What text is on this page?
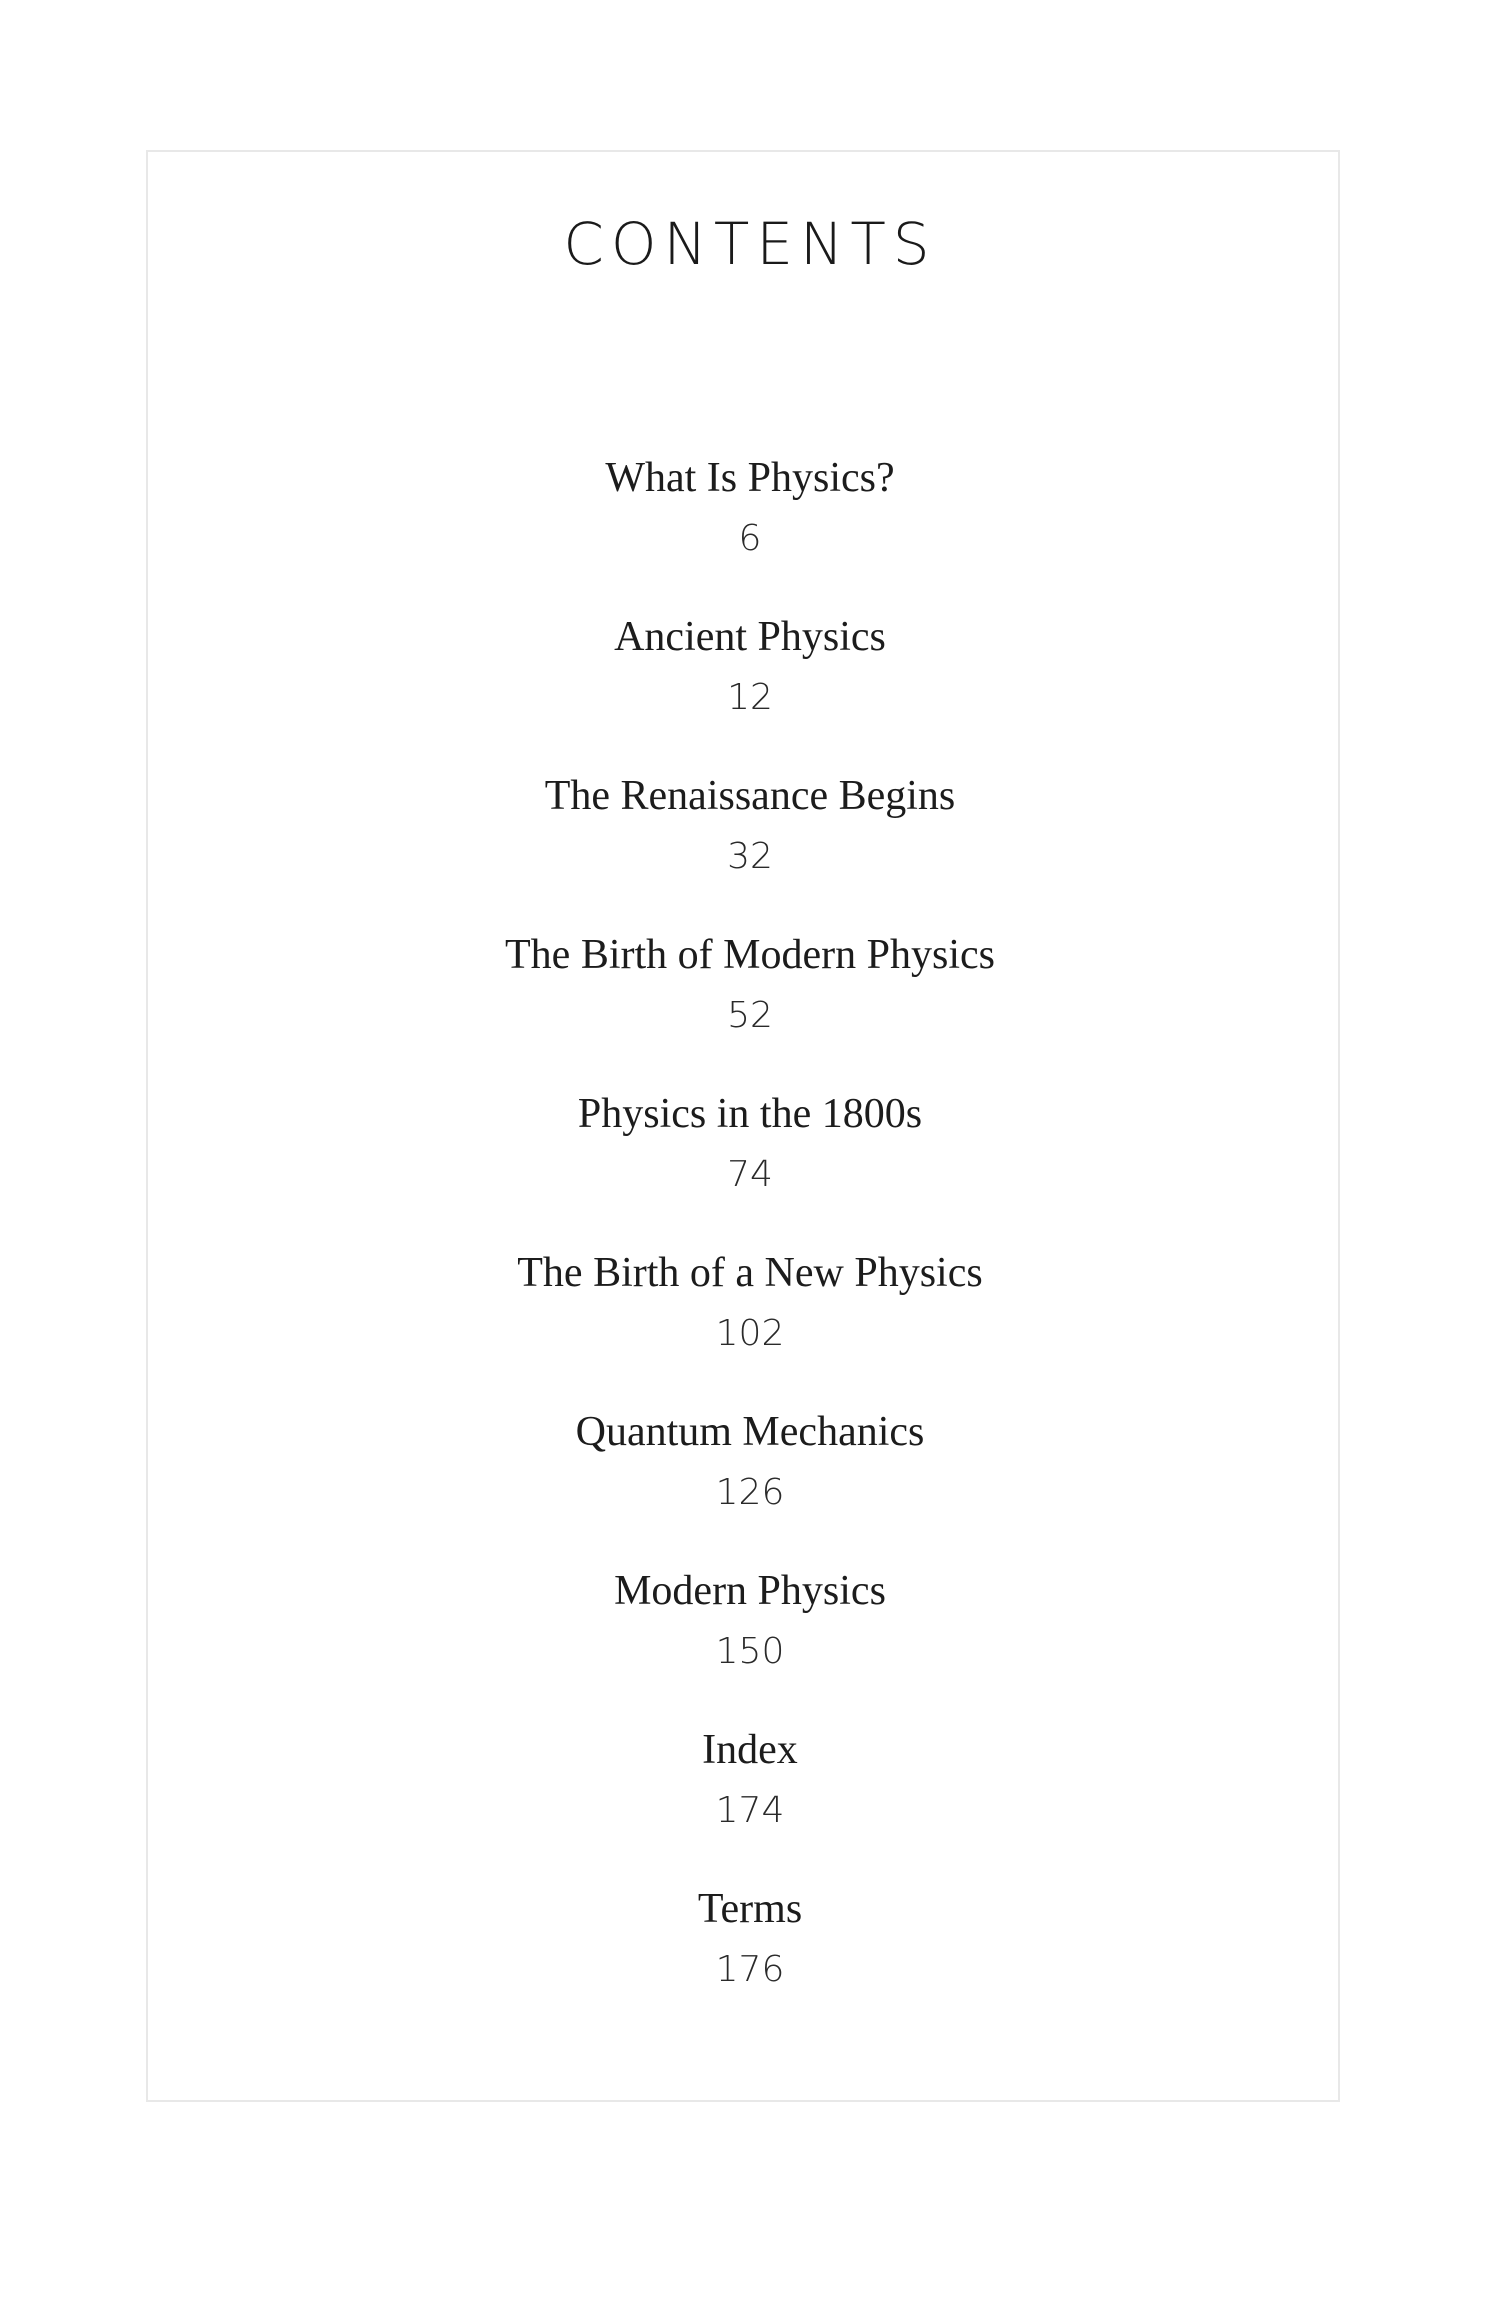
CONTENTS
What Is Physics?
6
Ancient Physics
12
The Renaissance Begins
32
The Birth of Modern Physics
52
Physics in the 1800s
74
The Birth of a New Physics
102
Quantum Mechanics
126
Modern Physics
150
Index
174
Terms
176
